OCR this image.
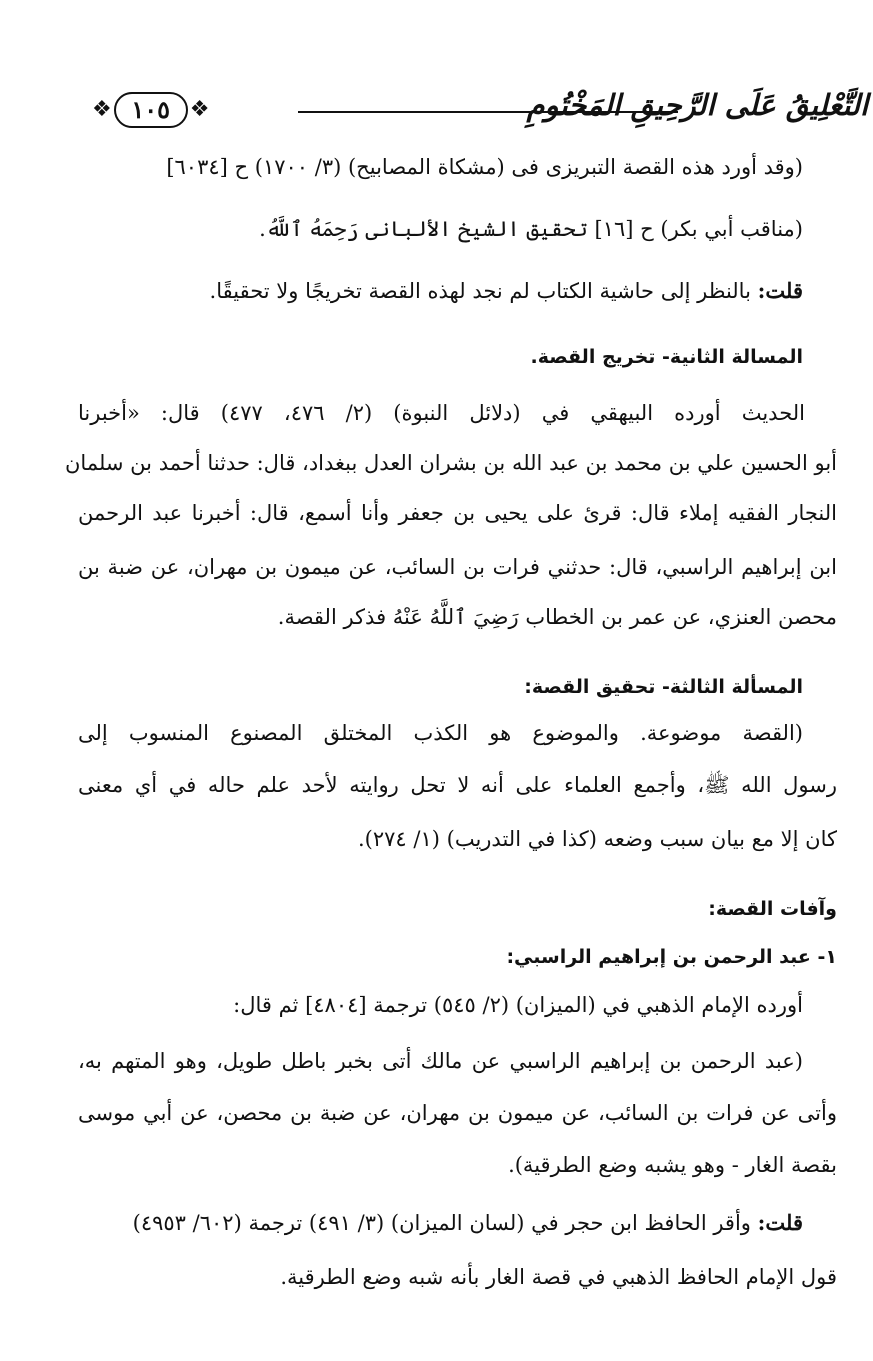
❖ ١٠٥ ❖	التَّعْلِيقُ عَلَى الرَّحِيقِ المَخْتُومِ
(وقد أورد هذه القصة التبريزى فى (مشكاة المصابيح) (٣/ ١٧٠٠) ح [٦٠٣٤]
(مناقب أبي بكر) ح [١٦] تحقيق الشيخ الألبانى رَحِمَهُ ٱللَّهُ.
قلت: بالنظر إلى حاشية الكتاب لم نجد لهذه القصة تخريجًا ولا تحقيقًا.
المسالة الثانية- تخريج القصة.
الحديث أورده البيهقي في (دلائل النبوة) (٢/ ٤٧٦، ٤٧٧) قال: «أخبرنا
أبو الحسين علي بن محمد بن عبد الله بن بشران العدل ببغداد، قال: حدثنا أحمد بن سلمان
النجار الفقيه إملاء قال: قرئ على يحيى بن جعفر وأنا أسمع، قال: أخبرنا عبد الرحمن
ابن إبراهيم الراسبي، قال: حدثني فرات بن السائب، عن ميمون بن مهران، عن ضبة بن
محصن العنزي، عن عمر بن الخطاب رَضِيَ ٱللَّهُ عَنْهُ فذكر القصة.
المسألة الثالثة- تحقيق القصة:
(القصة موضوعة. والموضوع هو الكذب المختلق المصنوع المنسوب إلى
رسول الله ﷺ، وأجمع العلماء على أنه لا تحل روايته لأحد علم حاله في أي معنى
كان إلا مع بيان سبب وضعه (كذا في التدريب) (١/ ٢٧٤).
وآفات القصة:
١- عبد الرحمن بن إبراهيم الراسبي:
أورده الإمام الذهبي في (الميزان) (٢/ ٥٤٥) ترجمة [٤٨٠٤] ثم قال:
(عبد الرحمن بن إبراهيم الراسبي عن مالك أتى بخبر باطل طويل، وهو المتهم به،
وأتى عن فرات بن السائب، عن ميمون بن مهران، عن ضبة بن محصن، عن أبي موسى
بقصة الغار - وهو يشبه وضع الطرقية).
قلت: وأقر الحافظ ابن حجر في (لسان الميزان) (٣/ ٤٩١) ترجمة (٦٠٢/ ٤٩٥٣)
قول الإمام الحافظ الذهبي في قصة الغار بأنه شبه وضع الطرقية.
